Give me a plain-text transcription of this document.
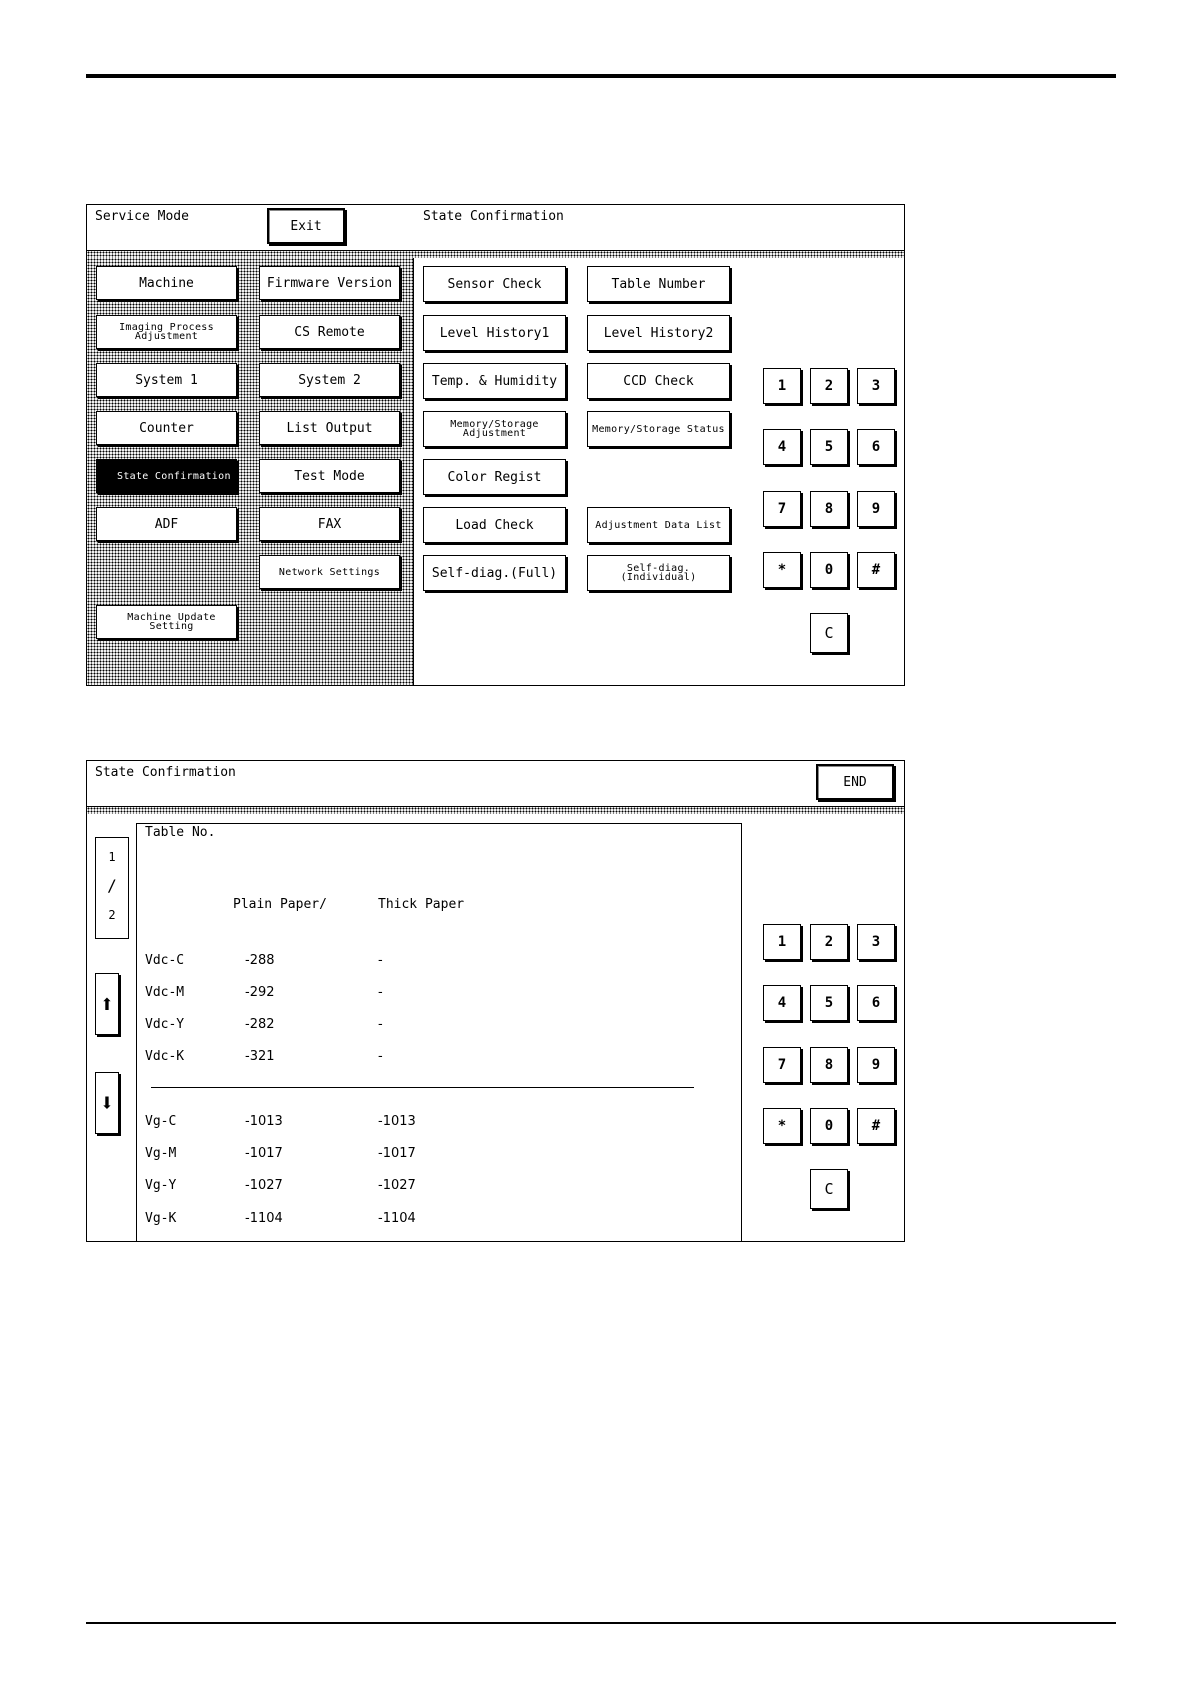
Service Mode
Exit
State Confirmation
Machine
Imaging Process Adjustment
System 1
Counter
State Confirmation
ADF
Machine Update Setting
Firmware Version
CS Remote
System 2
List Output
Test Mode
FAX
Network Settings
Sensor Check
Level History1
Temp. & Humidity
Memory/Storage Adjustment
Color Regist
Load Check
Self-diag.(Full)
Table Number
Level History2
CCD Check
Memory/Storage Status
Adjustment Data List
Self-diag. (Individual)
1	2	3
4	5	6
7	8	9
*	0	#
C
State Confirmation
END
1
/
2
⬆
⬇
Table No.
Plain Paper/	Thick Paper
Vdc-C	-288	-
Vdc-M	-292	-
Vdc-Y	-282	-
Vdc-K	-321	-
Vg-C	-1013	-1013
Vg-M	-1017	-1017
Vg-Y	-1027	-1027
Vg-K	-1104	-1104
1	2	3
4	5	6
7	8	9
*	0	#
C
